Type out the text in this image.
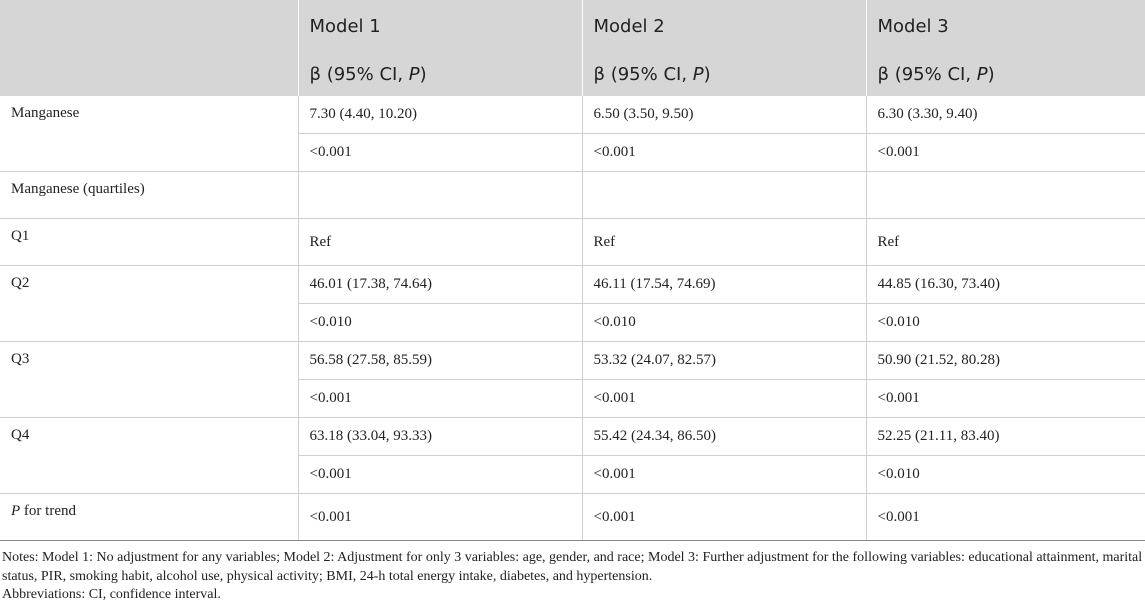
	Model 1	Model 2	Model 3
	β (95% CI, P)	β (95% CI, P)	β (95% CI, P)
Manganese	7.30 (4.40, 10.20)	6.50 (3.50, 9.50)	6.30 (3.30, 9.40)
	<0.001	<0.001	<0.001
Manganese (quartiles)			
Q1	Ref	Ref	Ref
Q2	46.01 (17.38, 74.64)	46.11 (17.54, 74.69)	44.85 (16.30, 73.40)
	<0.010	<0.010	<0.010
Q3	56.58 (27.58, 85.59)	53.32 (24.07, 82.57)	50.90 (21.52, 80.28)
	<0.001	<0.001	<0.001
Q4	63.18 (33.04, 93.33)	55.42 (24.34, 86.50)	52.25 (21.11, 83.40)
	<0.001	<0.001	<0.010
P for trend	<0.001	<0.001	<0.001

Notes: Model 1: No adjustment for any variables; Model 2: Adjustment for only 3 variables: age, gender, and race; Model 3: Further adjustment for the following variables: educational attainment, marital status, PIR, smoking habit, alcohol use, physical activity; BMI, 24-h total energy intake, diabetes, and hypertension.

Abbreviations: CI, confidence interval.
